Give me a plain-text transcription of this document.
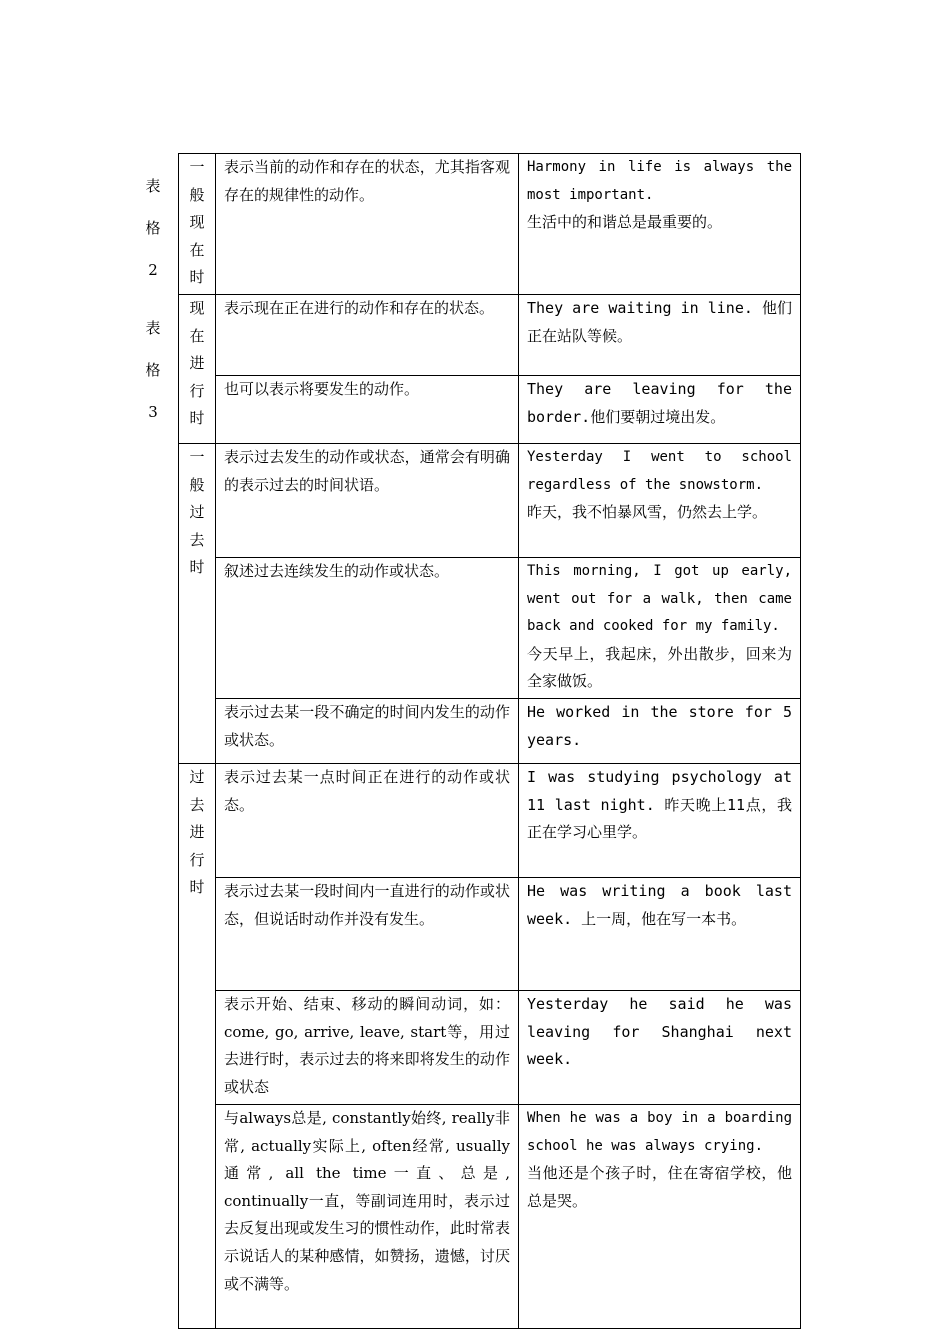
表格2
表格3
一般现在时	表示当前的动作和存在的状态，尤其指客观存在的规律性的动作。	Harmony in life is always the most important.
生活中的和谐总是最重要的。

现在进行时	表示现在正在进行的动作和存在的状态。	They are waiting in line. 他们正在站队等候。
	也可以表示将要发生的动作。	They are leaving for the border.他们要朝过境出发。

一般过去时	表示过去发生的动作或状态，通常会有明确的表示过去的时间状语。	Yesterday I went to school regardless of the snowstorm.
昨天，我不怕暴风雪，仍然去上学。

	叙述过去连续发生的动作或状态。	This morning, I got up early, went out for a walk, then came back and cooked for my family.
今天早上，我起床，外出散步，回来为全家做饭。

	表示过去某一段不确定的时间内发生的动作或状态。	He worked in the store for 5 years.

过去进行时	表示过去某一点时间正在进行的动作或状态。	I was studying psychology at 11 last night. 昨天晚上11点，我正在学习心里学。
	表示过去某一段时间内一直进行的动作或状态，但说话时动作并没有发生。	He was writing a book last week. 上一周，他在写一本书。
	表示开始、结束、移动的瞬间动词，如：come, go, arrive, leave, start等，用过去进行时，表示过去的将来即将发生的动作或状态	Yesterday he said he was leaving for Shanghai next week.
	与always总是, constantly始终, really非常, actually实际上, often经常, usually通常, all the time一直、总是, continually一直，等副词连用时，表示过去反复出现或发生习的惯性动作，此时常表示说话人的某种感情，如赞扬，遗憾，讨厌或不满等。	When he was a boy in a boarding school he was always crying.
当他还是个孩子时，住在寄宿学校，他总是哭。
